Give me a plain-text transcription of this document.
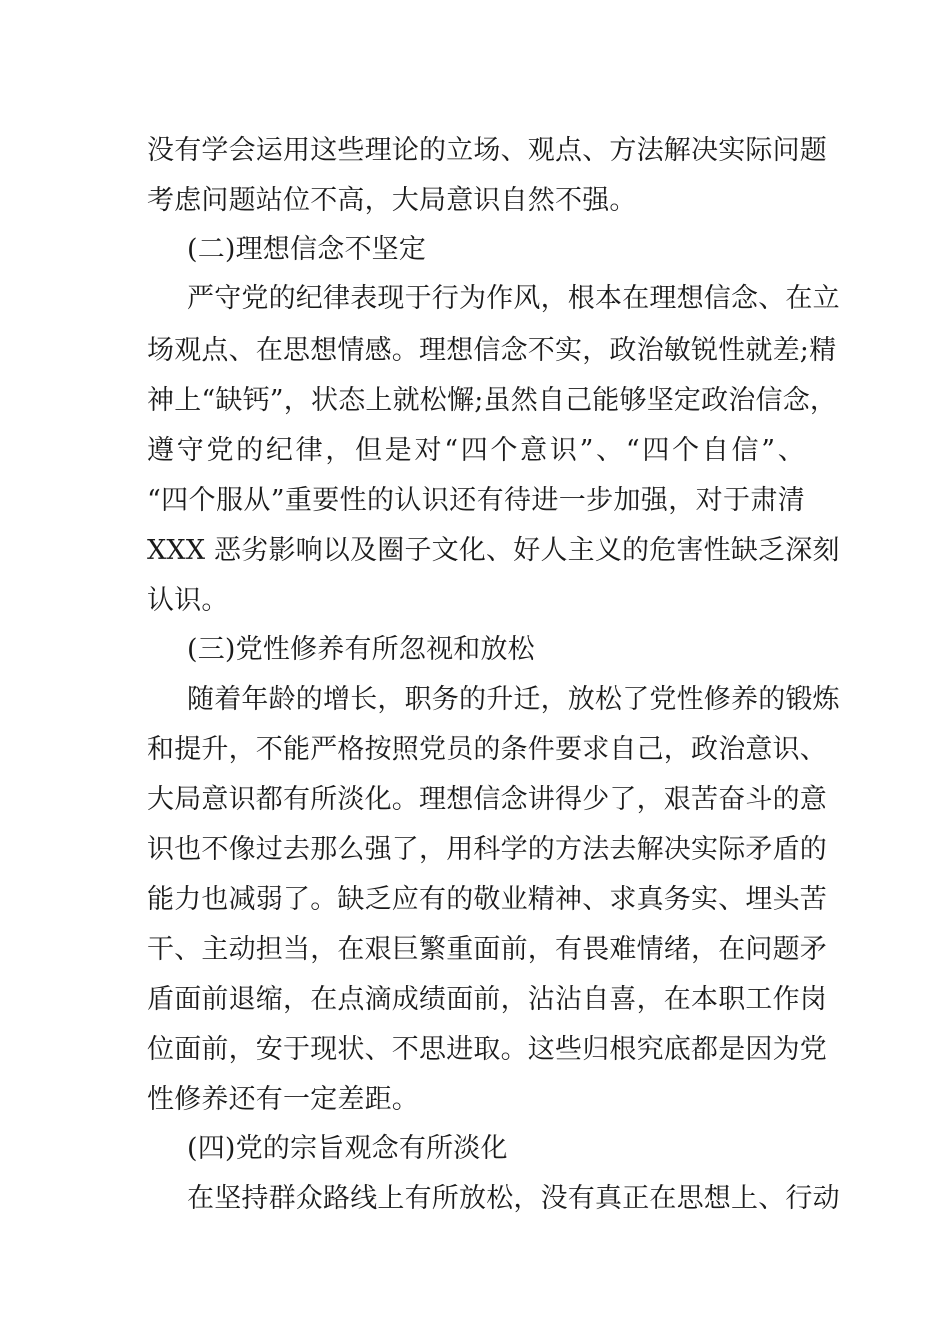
没有学会运用这些理论的立场、观点、方法解决实际问题
考虑问题站位不高，大局意识自然不强。
(二)理想信念不坚定
严守党的纪律表现于行为作风，根本在理想信念、在立
场观点、在思想情感。理想信念不实，政治敏锐性就差;精
神上“缺钙”，状态上就松懈;虽然自己能够坚定政治信念，
遵守党的纪律，但是对“四个意识”、“四个自信”、
“四个服从”重要性的认识还有待进一步加强，对于肃清
XXX 恶劣影响以及圈子文化、好人主义的危害性缺乏深刻
认识。
(三)党性修养有所忽视和放松
随着年龄的增长，职务的升迁，放松了党性修养的锻炼
和提升，不能严格按照党员的条件要求自己，政治意识、
大局意识都有所淡化。理想信念讲得少了，艰苦奋斗的意
识也不像过去那么强了，用科学的方法去解决实际矛盾的
能力也减弱了。缺乏应有的敬业精神、求真务实、埋头苦
干、主动担当，在艰巨繁重面前，有畏难情绪，在问题矛
盾面前退缩，在点滴成绩面前，沾沾自喜，在本职工作岗
位面前，安于现状、不思进取。这些归根究底都是因为党
性修养还有一定差距。
(四)党的宗旨观念有所淡化
在坚持群众路线上有所放松，没有真正在思想上、行动
